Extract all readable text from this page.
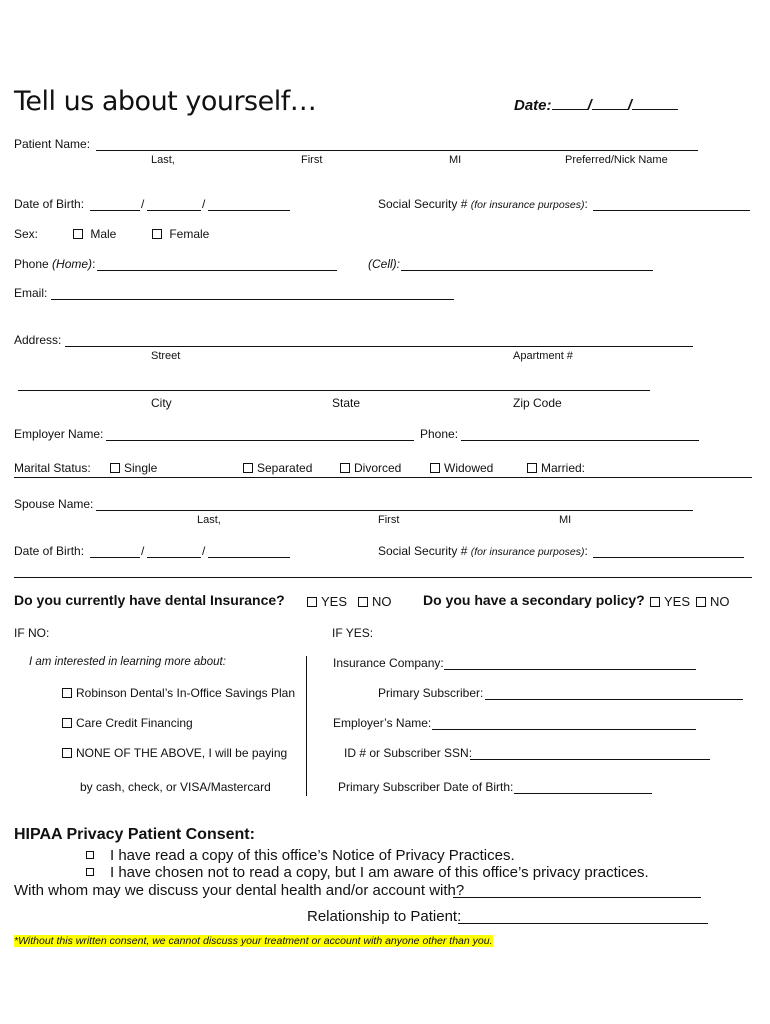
Tell us about yourself…	Date: / /
Patient Name:
Last,	First	MI	Preferred/Nick Name
Date of Birth:	/	/	Social Security # (for insurance purposes):
Sex:	Male	Female
Phone (Home):	(Cell):
Email:
Address:
Street	Apartment #
City	State	Zip Code
Employer Name:	Phone:
Marital Status:	Single	Separated	Divorced	Widowed	Married:
Spouse Name:
Last,	First	MI
Date of Birth:	/	/	Social Security # (for insurance purposes):
Do you currently have dental Insurance?	YES	NO Do you have a secondary policy?	YES	NO
IF NO:	IF YES:
I am interested in learning more about:
Robinson Dental’s In-Office Savings Plan
Care Credit Financing
NONE OF THE ABOVE, I will be paying
by cash, check, or VISA/Mastercard
Insurance Company:
Primary Subscriber:
Employer’s Name:
ID # or Subscriber SSN:
Primary Subscriber Date of Birth:
HIPAA Privacy Patient Consent:
I have read a copy of this office’s Notice of Privacy Practices.
I have chosen not to read a copy, but I am aware of this office’s privacy practices.
With whom may we discuss your dental health and/or account with?
Relationship to Patient:
*Without this written consent, we cannot discuss your treatment or account with anyone other than you.
